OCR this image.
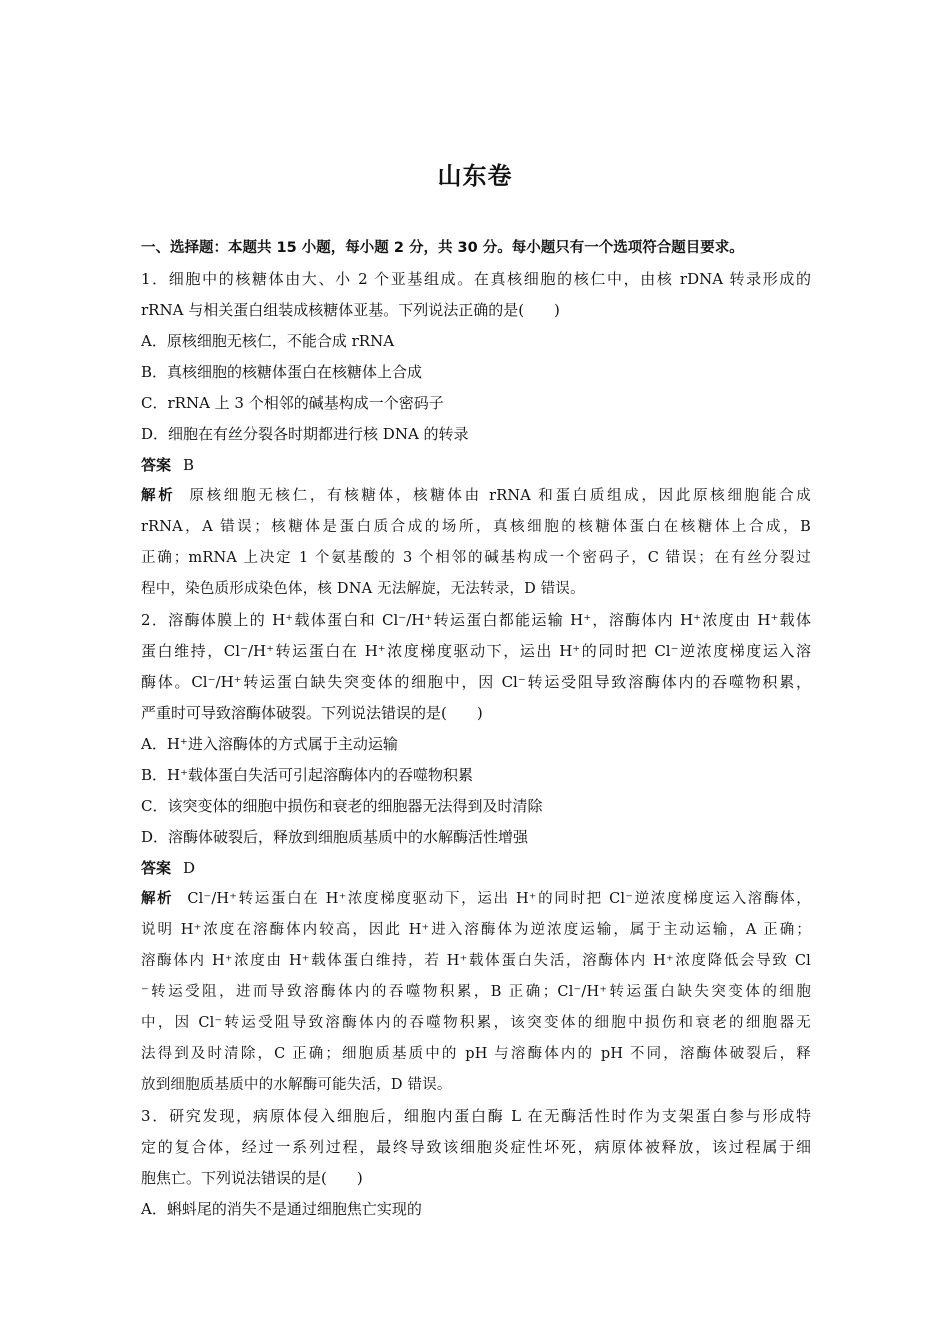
山东卷
一、选择题：本题共 15 小题，每小题 2 分，共 30 分。每小题只有一个选项符合题目要求。
1．细胞中的核糖体由大、小 2 个亚基组成。在真核细胞的核仁中，由核 rDNA 转录形成的
rRNA 与相关蛋白组装成核糖体亚基。下列说法正确的是(　　)
A．原核细胞无核仁，不能合成 rRNA
B．真核细胞的核糖体蛋白在核糖体上合成
C．rRNA 上 3 个相邻的碱基构成一个密码子
D．细胞在有丝分裂各时期都进行核 DNA 的转录
答案 B
解析 原核细胞无核仁，有核糖体，核糖体由 rRNA 和蛋白质组成，因此原核细胞能合成
rRNA，A 错误；核糖体是蛋白质合成的场所，真核细胞的核糖体蛋白在核糖体上合成，B
正确；mRNA 上决定 1 个氨基酸的 3 个相邻的碱基构成一个密码子，C 错误；在有丝分裂过
程中，染色质形成染色体，核 DNA 无法解旋，无法转录，D 错误。
2．溶酶体膜上的 H⁺载体蛋白和 Cl⁻/H⁺转运蛋白都能运输 H⁺，溶酶体内 H⁺浓度由 H⁺载体
蛋白维持，Cl⁻/H⁺转运蛋白在 H⁺浓度梯度驱动下，运出 H⁺的同时把 Cl⁻逆浓度梯度运入溶
酶体。Cl⁻/H⁺转运蛋白缺失突变体的细胞中，因 Cl⁻转运受阻导致溶酶体内的吞噬物积累，
严重时可导致溶酶体破裂。下列说法错误的是(　　)
A．H⁺进入溶酶体的方式属于主动运输
B．H⁺载体蛋白失活可引起溶酶体内的吞噬物积累
C．该突变体的细胞中损伤和衰老的细胞器无法得到及时清除
D．溶酶体破裂后，释放到细胞质基质中的水解酶活性增强
答案 D
解析 Cl⁻/H⁺转运蛋白在 H⁺浓度梯度驱动下，运出 H⁺的同时把 Cl⁻逆浓度梯度运入溶酶体，
说明 H⁺浓度在溶酶体内较高，因此 H⁺进入溶酶体为逆浓度运输，属于主动运输，A 正确；
溶酶体内 H⁺浓度由 H⁺载体蛋白维持，若 H⁺载体蛋白失活，溶酶体内 H⁺浓度降低会导致 Cl
⁻转运受阻，进而导致溶酶体内的吞噬物积累，B 正确；Cl⁻/H⁺转运蛋白缺失突变体的细胞
中，因 Cl⁻转运受阻导致溶酶体内的吞噬物积累，该突变体的细胞中损伤和衰老的细胞器无
法得到及时清除，C 正确；细胞质基质中的 pH 与溶酶体内的 pH 不同，溶酶体破裂后，释
放到细胞质基质中的水解酶可能失活，D 错误。
3．研究发现，病原体侵入细胞后，细胞内蛋白酶 L 在无酶活性时作为支架蛋白参与形成特
定的复合体，经过一系列过程，最终导致该细胞炎症性坏死，病原体被释放，该过程属于细
胞焦亡。下列说法错误的是(　　)
A．蝌蚪尾的消失不是通过细胞焦亡实现的
